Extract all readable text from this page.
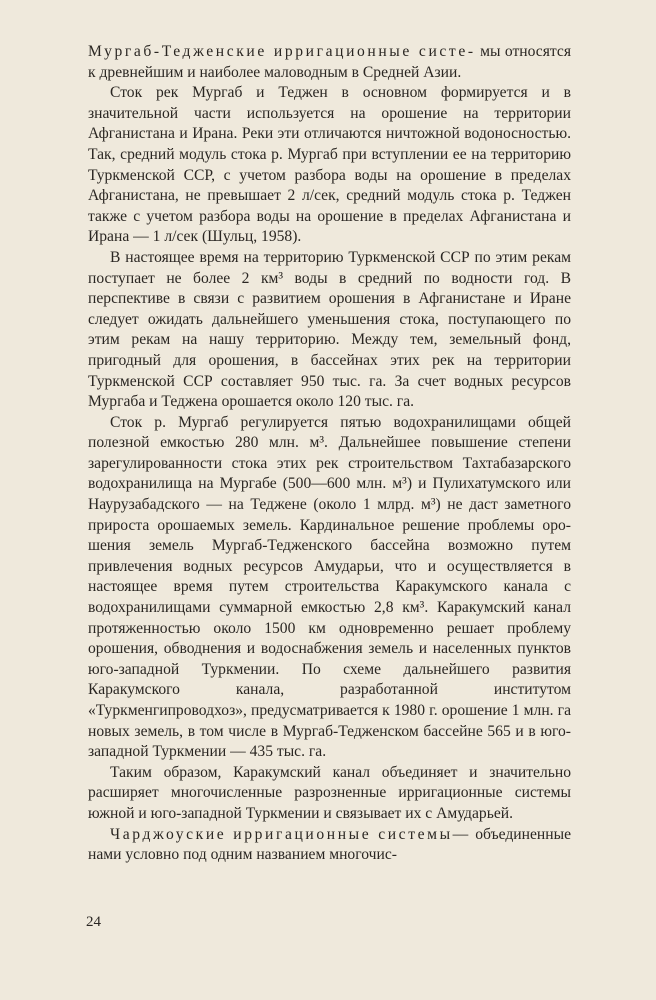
Мургаб-Тедженские ирригационные систе- мы относятся к древнейшим и наиболее маловодным в Средней Азии.

Сток рек Мургаб и Теджен в основном формируется и в значительной части используется на орошение на территории Афганистана и Ирана. Реки эти отличаются ничтожной водоносностью. Так, средний модуль стока р. Мургаб при вступлении ее на территорию Туркменской ССР, с учетом разбора воды на орошение в пределах Афганистана, не превышает 2 л/сек, средний модуль стока р. Теджен также с учетом разбора воды на орошение в пределах Афганистана и Ирана — 1 л/сек (Шульц, 1958).

В настоящее время на территорию Туркменской ССР по этим рекам поступает не более 2 км³ воды в средний по водности год. В перспективе в связи с развитием орошения в Афганистане и Иране следует ожидать дальнейшего уменьшения стока, поступающего по этим рекам на нашу территорию. Между тем, земельный фонд, пригодный для орошения, в бассейнах этих рек на территории Туркменской ССР составляет 950 тыс. га. За счет водных ресурсов Мургаба и Теджена орошается около 120 тыс. га.

Сток р. Мургаб регулируется пятью водохранилищами общей полезной емкостью 280 млн. м³. Дальнейшее повышение степени зарегулированности стока этих рек строительством Тахтабазарского водохранилища на Мургабе (500—600 млн. м³) и Пулихатумского или Наурузабадского — на Теджене (около 1 млрд. м³) не даст заметного прироста орошаемых земель. Кардинальное решение проблемы орошения земель Мургаб-Тедженского бассейна возможно путем привлечения водных ресурсов Амударьи, что и осуществляется в настоящее время путем строительства Каракумского канала с водохранилищами суммарной емкостью 2,8 км³. Каракумский канал протяженностью около 1500 км одновременно решает проблему орошения, обводнения и водоснабжения земель и населенных пунктов юго-западной Туркмении. По схеме дальнейшего развития Каракумского канала, разработанной институтом «Туркменгипроводхоз», предусматривается к 1980 г. орошение 1 млн. га новых земель, в том числе в Мургаб-Тедженском бассейне 565 и в юго-западной Туркмении — 435 тыс. га.

Таким образом, Каракумский канал объединяет и значительно расширяет многочисленные разрозненные ирригационные системы южной и юго-западной Туркмении и связывает их с Амударьей.

Чарджоуские ирригационные системы— объединенные нами условно под одним названием многочис-

24
